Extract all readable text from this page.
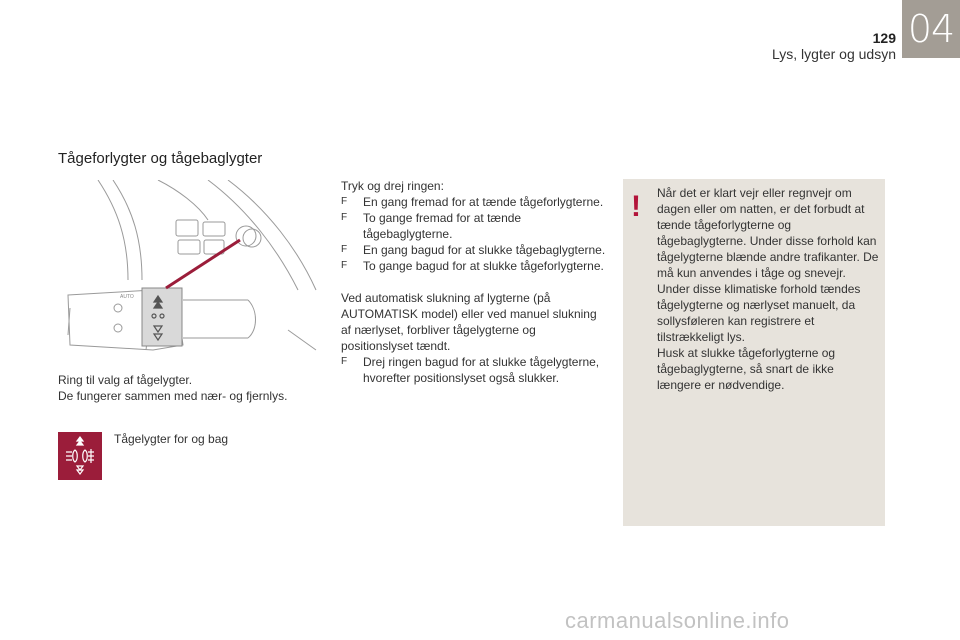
129
Lys, lygter og udsyn
04
Tågeforlygter og tågebaglygter
AUTO
Ring til valg af tågelygter.
De fungerer sammen med nær- og fjernlys.
Tågelygter for og bag

Tryk og drej ringen:

F En gang fremad for at tænde tågeforlygterne.

F To gange fremad for at tænde tågebaglygterne.

F En gang bagud for at slukke tågebaglygterne.

F To gange bagud for at slukke tågeforlygterne.

Ved automatisk slukning af lygterne (på AUTOMATISK model) eller ved manuel slukning af nærlyset, forbliver tågelygterne og positionslyset tændt.

F Drej ringen bagud for at slukke tågelygterne, hvorefter positionslyset også slukker.

! Når det er klart vejr eller regnvejr om dagen eller om natten, er det forbudt at tænde tågeforlygterne og tågebaglygterne. Under disse forhold kan tågelygterne blænde andre trafikanter. De må kun anvendes i tåge og snevejr.
Under disse klimatiske forhold tændes tågelygterne og nærlyset manuelt, da sollysføleren kan registrere et tilstrækkeligt lys.
Husk at slukke tågeforlygterne og tågebaglygterne, så snart de ikke længere er nødvendige.
carmanualsonline.info
